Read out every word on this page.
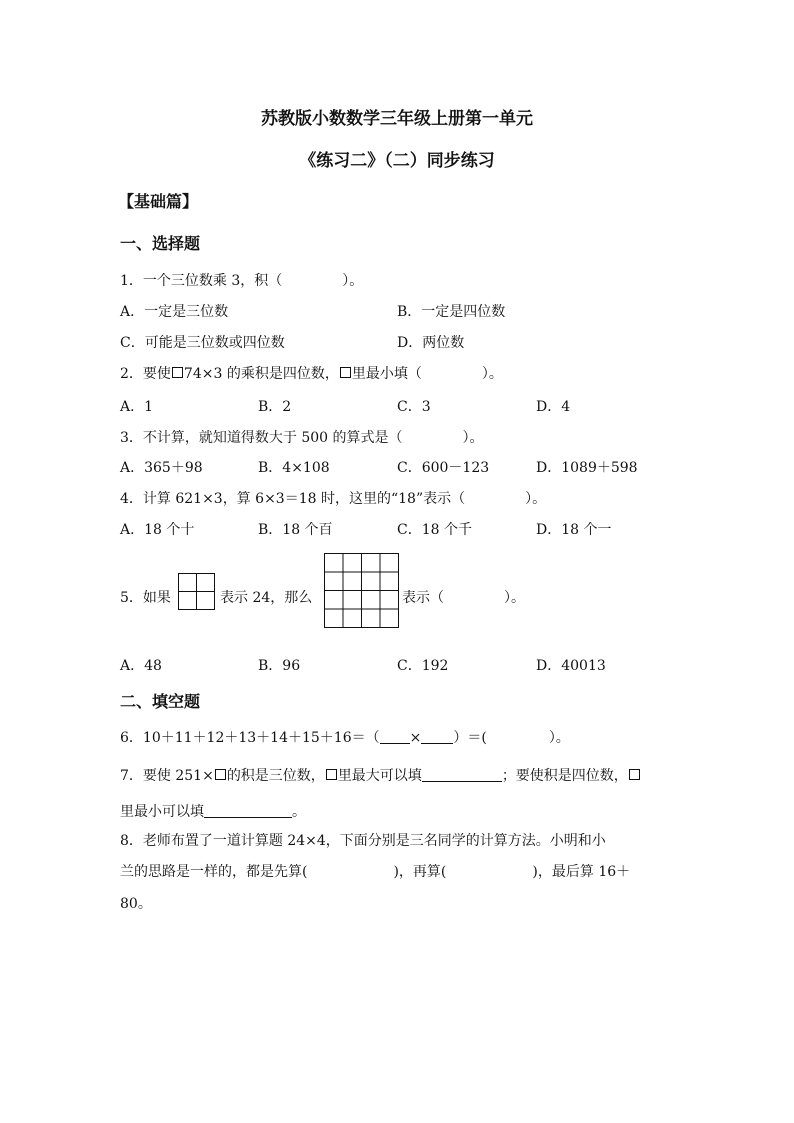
苏教版小数数学三年级上册第一单元
《练习二》（二）同步练习
【基础篇】
一、选择题
1．一个三位数乘 3，积（	）。
A．一定是三位数	B．一定是四位数
C．可能是三位数或四位数	D．两位数
2．要使 74×3 的乘积是四位数， 里最小填（	）。
A．1	B．2	C．3	D．4
3．不计算，就知道得数大于 500 的算式是（	）。
A．365＋98	B．4×108	C．600－123	D．1089＋598
4．计算 621×3，算 6×3＝18 时，这里的“18”表示（	）。
A．18 个十	B．18 个百	C．18 个千	D．18 个一
5．如果	表示 24，那么	表示（	）。
A．48	B．96	C．192	D．40013
二、填空题
6．10＋11＋12＋13＋14＋15＋16＝（ × ）＝(	）。
7．要使 251× 的积是三位数， 里最大可以填	；要使积是四位数，
里最小可以填	。
8．老师布置了一道计算题 24×4，下面分别是三名同学的计算方法。小明和小
兰的思路是一样的，都是先算(	)，再算(	)，最后算 16＋
80。
